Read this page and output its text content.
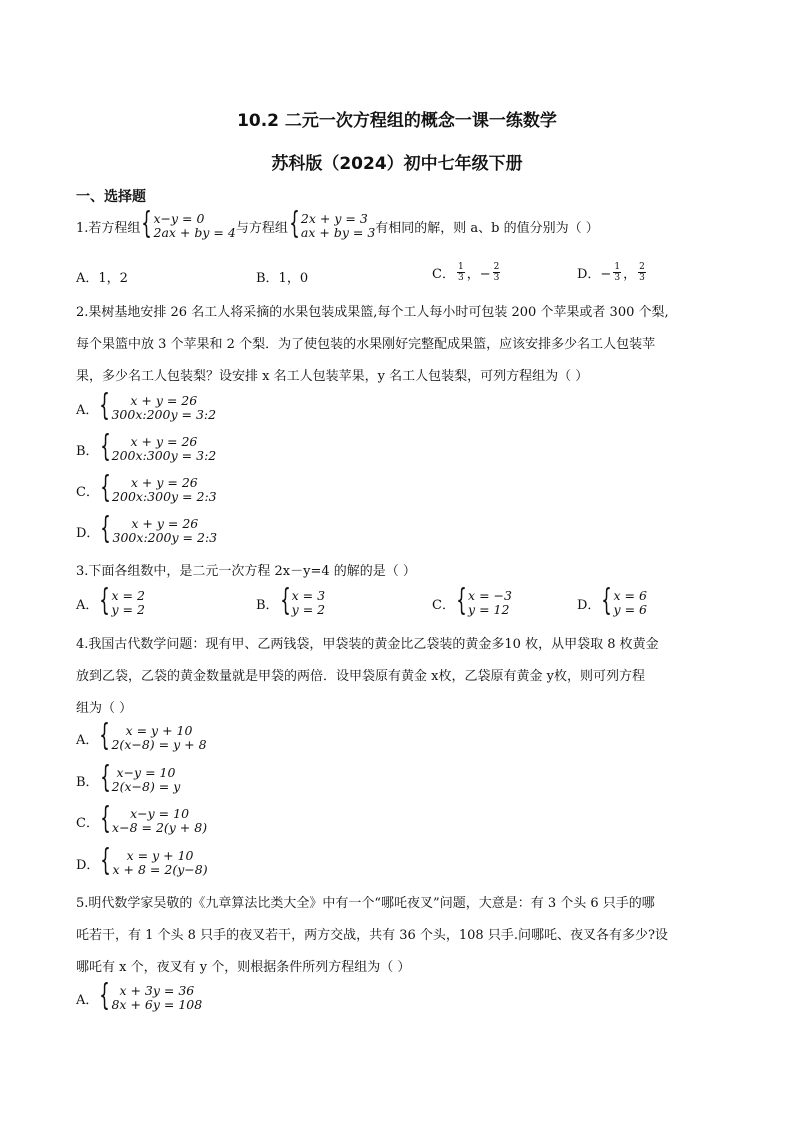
10.2 二元一次方程组的概念一课一练数学
苏科版（2024）初中七年级下册
一、选择题
1.若方程组 { x−y = 0
2ax + by = 4 与方程组 { 2x + y = 3
ax + by = 3 有相同的解，则 a、b 的值分别为（ ）
A．1，2	B．1，0	C． $\frac{1}{3}$ ，− $\frac{2}{3}$	D．− $\frac{1}{3}$ ， $\frac{2}{3}$
2.果树基地安排 26 名工人将采摘的水果包装成果篮,每个工人每小时可包装 200 个苹果或者 300 个梨,
每个果篮中放 3 个苹果和 2 个梨．为了使包装的水果刚好完整配成果篮，应该安排多少名工人包装苹
果，多少名工人包装梨？设安排 x 名工人包装苹果，y 名工人包装梨，可列方程组为（ ）
A． {	x + y = 26
300x:200y = 3:2
B． {	x + y = 26
200x:300y = 3:2
C． {	x + y = 26
200x:300y = 2:3
D． {	x + y = 26
300x:200y = 2:3
3.下面各组数中，是二元一次方程 2x－y=4 的解的是（ ）
A． { x = 2
y = 2	B． { x = 3
y = 2	C． { x = −3
y = 12	D． { x = 6
y = 6
4.我国古代数学问题：现有甲、乙两钱袋，甲袋装的黄金比乙袋装的黄金多10 枚，从甲袋取 8 枚黄金
放到乙袋，乙袋的黄金数量就是甲袋的两倍．设甲袋原有黄金 x枚，乙袋原有黄金 y枚，则可列方程
组为（ ）
A． {	x = y + 10
2(x−8) = y + 8
B． { x−y = 10
2(x−8) = y
C． {	x−y = 10
x−8 = 2(y + 8)
D． {	x = y + 10
x + 8 = 2(y−8)
5.明代数学家吴敬的《九章算法比类大全》中有一个“哪吒夜叉”问题，大意是：有 3 个头 6 只手的哪
吒若干，有 1 个头 8 只手的夜叉若干，两方交战，共有 36 个头，108 只手.问哪吒、夜叉各有多少?设
哪吒有 x 个，夜叉有 y 个，则根据条件所列方程组为（ ）
A． { x + 3y = 36
8x + 6y = 108
